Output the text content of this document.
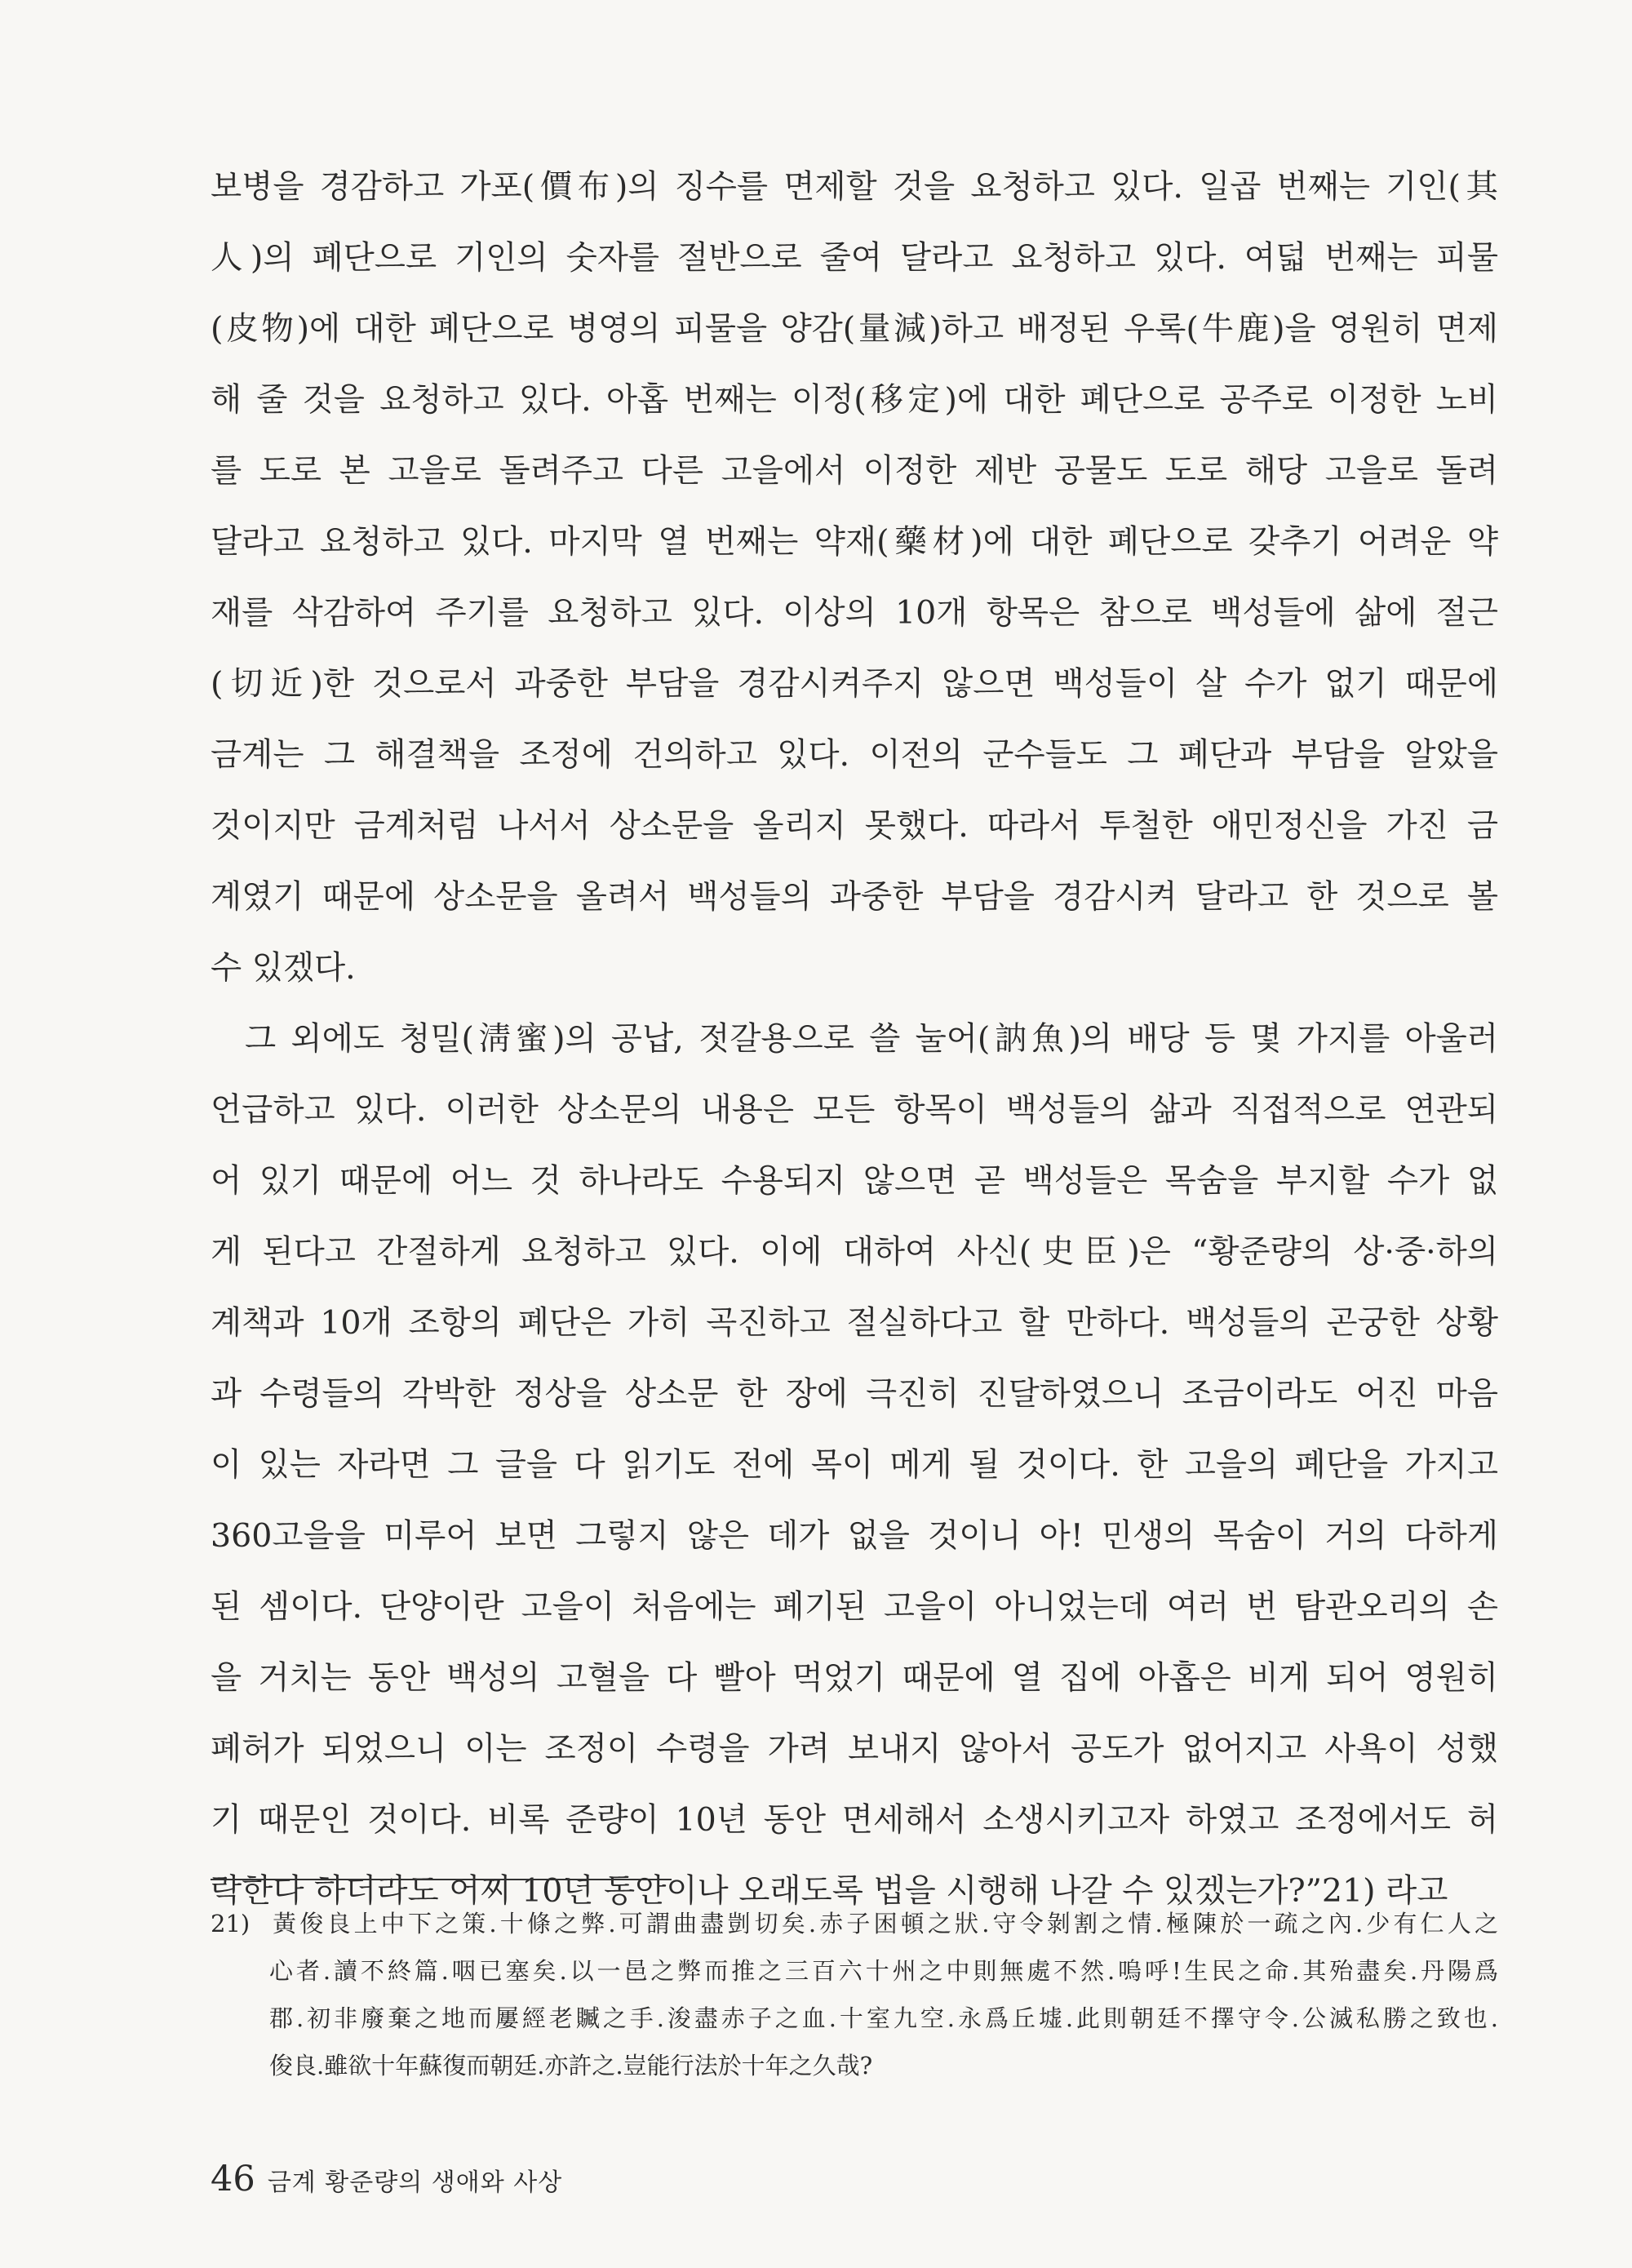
보병을 경감하고 가포(價布)의 징수를 면제할 것을 요청하고 있다. 일곱 번째는 기인(其
人)의 폐단으로 기인의 숫자를 절반으로 줄여 달라고 요청하고 있다. 여덟 번째는 피물
(皮物)에 대한 폐단으로 병영의 피물을 양감(量減)하고 배정된 우록(牛鹿)을 영원히 면제
해 줄 것을 요청하고 있다. 아홉 번째는 이정(移定)에 대한 폐단으로 공주로 이정한 노비
를 도로 본 고을로 돌려주고 다른 고을에서 이정한 제반 공물도 도로 해당 고을로 돌려
달라고 요청하고 있다. 마지막 열 번째는 약재(藥材)에 대한 폐단으로 갖추기 어려운 약
재를 삭감하여 주기를 요청하고 있다. 이상의 10개 항목은 참으로 백성들에 삶에 절근
(切近)한 것으로서 과중한 부담을 경감시켜주지 않으면 백성들이 살 수가 없기 때문에
금계는 그 해결책을 조정에 건의하고 있다. 이전의 군수들도 그 폐단과 부담을 알았을
것이지만 금계처럼 나서서 상소문을 올리지 못했다. 따라서 투철한 애민정신을 가진 금
계였기 때문에 상소문을 올려서 백성들의 과중한 부담을 경감시켜 달라고 한 것으로 볼
수 있겠다.
그 외에도 청밀(淸蜜)의 공납, 젓갈용으로 쓸 눌어(訥魚)의 배당 등 몇 가지를 아울러
언급하고 있다. 이러한 상소문의 내용은 모든 항목이 백성들의 삶과 직접적으로 연관되
어 있기 때문에 어느 것 하나라도 수용되지 않으면 곧 백성들은 목숨을 부지할 수가 없
게 된다고 간절하게 요청하고 있다. 이에 대하여 사신(史臣)은 “황준량의 상·중·하의
계책과 10개 조항의 폐단은 가히 곡진하고 절실하다고 할 만하다. 백성들의 곤궁한 상황
과 수령들의 각박한 정상을 상소문 한 장에 극진히 진달하였으니 조금이라도 어진 마음
이 있는 자라면 그 글을 다 읽기도 전에 목이 메게 될 것이다. 한 고을의 폐단을 가지고
360고을을 미루어 보면 그렇지 않은 데가 없을 것이니 아! 민생의 목숨이 거의 다하게
된 셈이다. 단양이란 고을이 처음에는 폐기된 고을이 아니었는데 여러 번 탐관오리의 손
을 거치는 동안 백성의 고혈을 다 빨아 먹었기 때문에 열 집에 아홉은 비게 되어 영원히
폐허가 되었으니 이는 조정이 수령을 가려 보내지 않아서 공도가 없어지고 사욕이 성했
기 때문인 것이다. 비록 준량이 10년 동안 면세해서 소생시키고자 하였고 조정에서도 허
락한다 하더라도 어찌 10년 동안이나 오래도록 법을 시행해 나갈 수 있겠는가?”21) 라고
21) 黃俊良上中下之策.十條之弊.可謂曲盡剴切矣.赤子困頓之狀.守令剝割之情.極陳於一疏之內.少有仁人之
心者.讀不終篇.咽已塞矣.以一邑之弊而推之三百六十州之中則無處不然.嗚呼!生民之命.其殆盡矣.丹陽爲
郡.初非廢棄之地而屢經老贓之手.浚盡赤子之血.十室九空.永爲丘墟.此則朝廷不擇守令.公滅私勝之致也.
俊良.雖欲十年蘇復而朝廷.亦許之.豈能行法於十年之久哉?
46 금계 황준량의 생애와 사상
